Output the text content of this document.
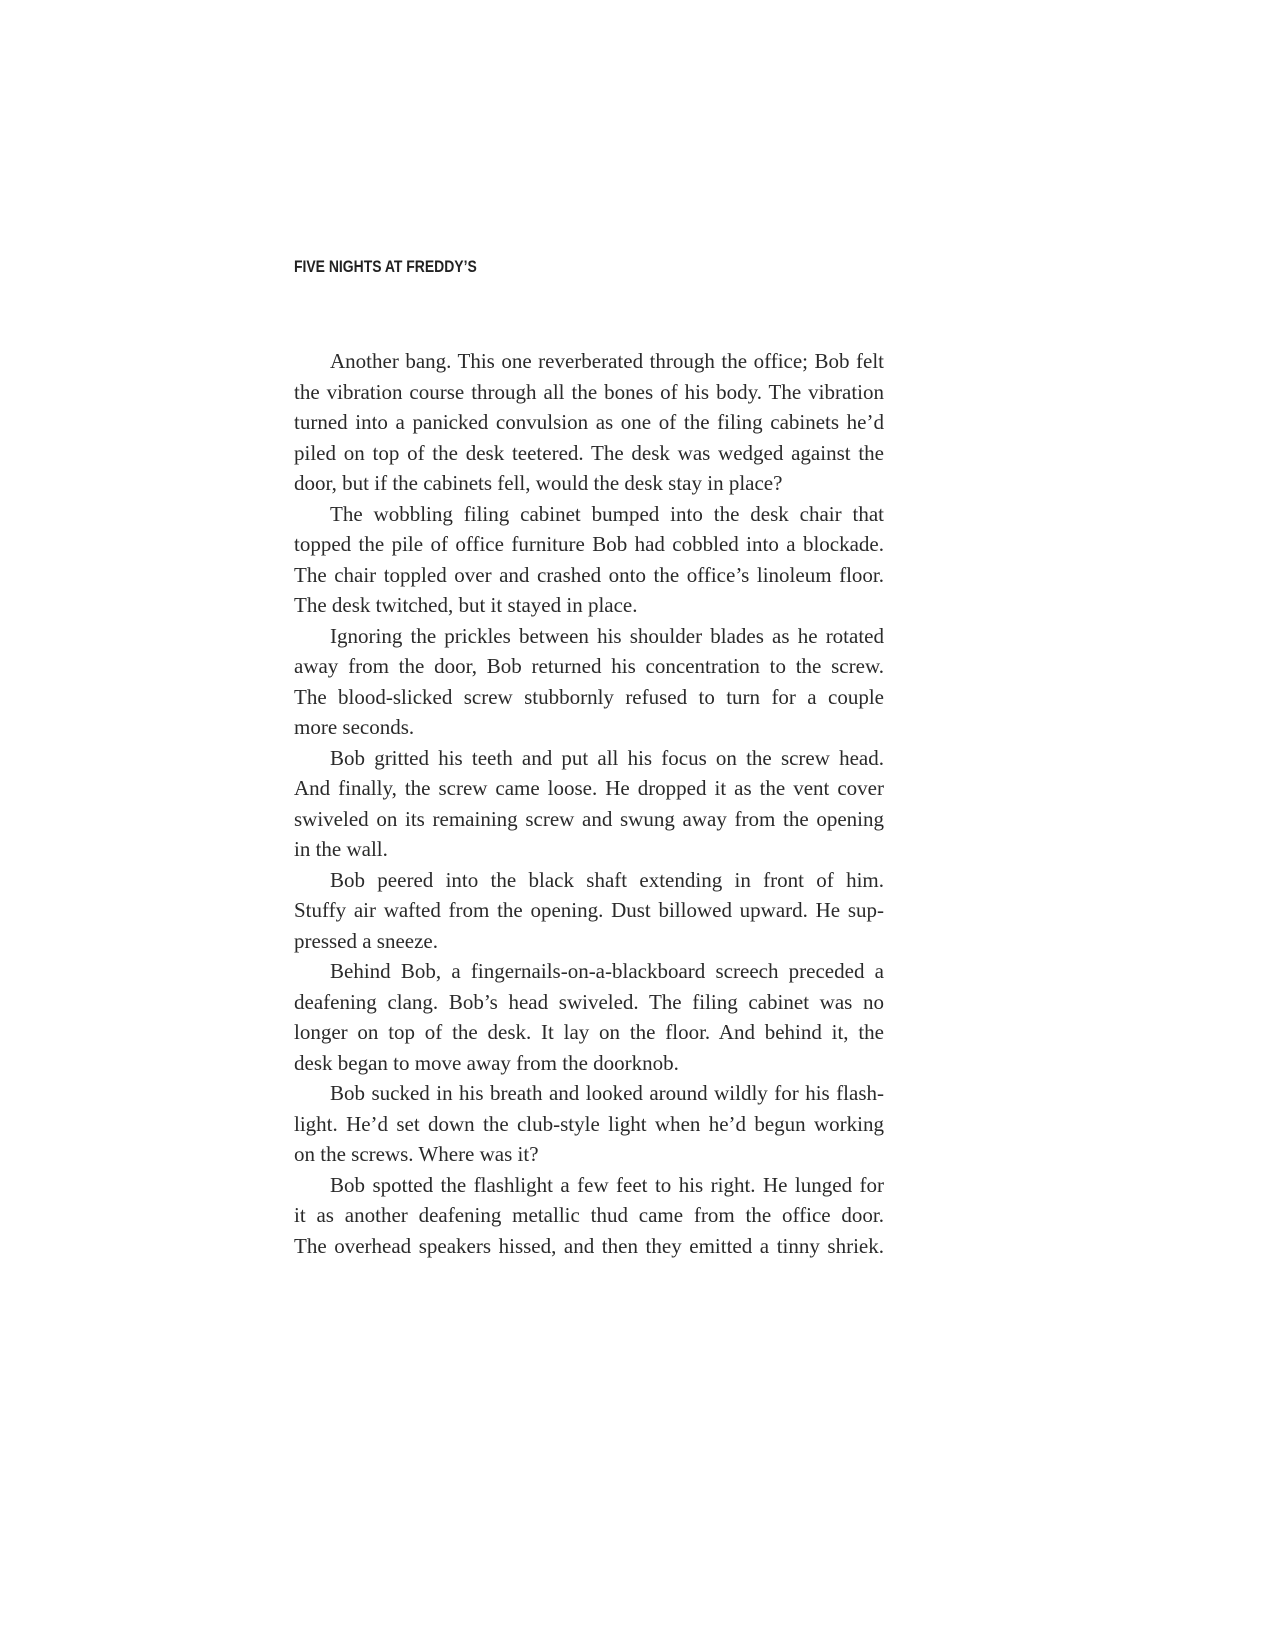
FIVE NIGHTS AT FREDDY’S
Another bang. This one reverberated through the office; Bob felt
the vibration course through all the bones of his body. The vibration
turned into a panicked convulsion as one of the filing cabinets he’d
piled on top of the desk teetered. The desk was wedged against the
door, but if the cabinets fell, would the desk stay in place?
The wobbling filing cabinet bumped into the desk chair that
topped the pile of office furniture Bob had cobbled into a blockade.
The chair toppled over and crashed onto the office’s linoleum floor.
The desk twitched, but it stayed in place.
Ignoring the prickles between his shoulder blades as he rotated
away from the door, Bob returned his concentration to the screw.
The blood-slicked screw stubbornly refused to turn for a couple
more seconds.
Bob gritted his teeth and put all his focus on the screw head.
And finally, the screw came loose. He dropped it as the vent cover
swiveled on its remaining screw and swung away from the opening
in the wall.
Bob peered into the black shaft extending in front of him.
Stuffy air wafted from the opening. Dust billowed upward. He sup-
pressed a sneeze.
Behind Bob, a fingernails-on-a-blackboard screech preceded a
deafening clang. Bob’s head swiveled. The filing cabinet was no
longer on top of the desk. It lay on the floor. And behind it, the
desk began to move away from the doorknob.
Bob sucked in his breath and looked around wildly for his flash-
light. He’d set down the club-style light when he’d begun working
on the screws. Where was it?
Bob spotted the flashlight a few feet to his right. He lunged for
it as another deafening metallic thud came from the office door.
The overhead speakers hissed, and then they emitted a tinny shriek.
